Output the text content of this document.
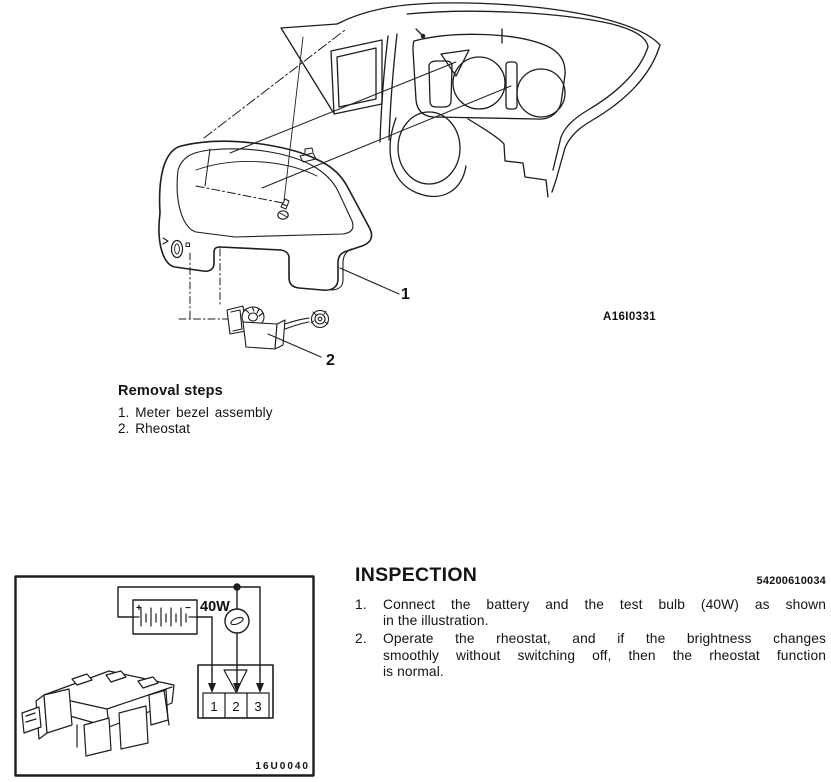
1
2
A16I0331
Removal steps
1. Meter bezel assembly
2. Rheostat
INSPECTION	54200610034
1.	Connect the battery and the test bulb (40W) as shown
in the illustration.
2.	Operate the rheostat, and if the brightness changes
smoothly without switching off, then the rheostat function
is normal.
+	− 40W
1 2 3
16U0040
